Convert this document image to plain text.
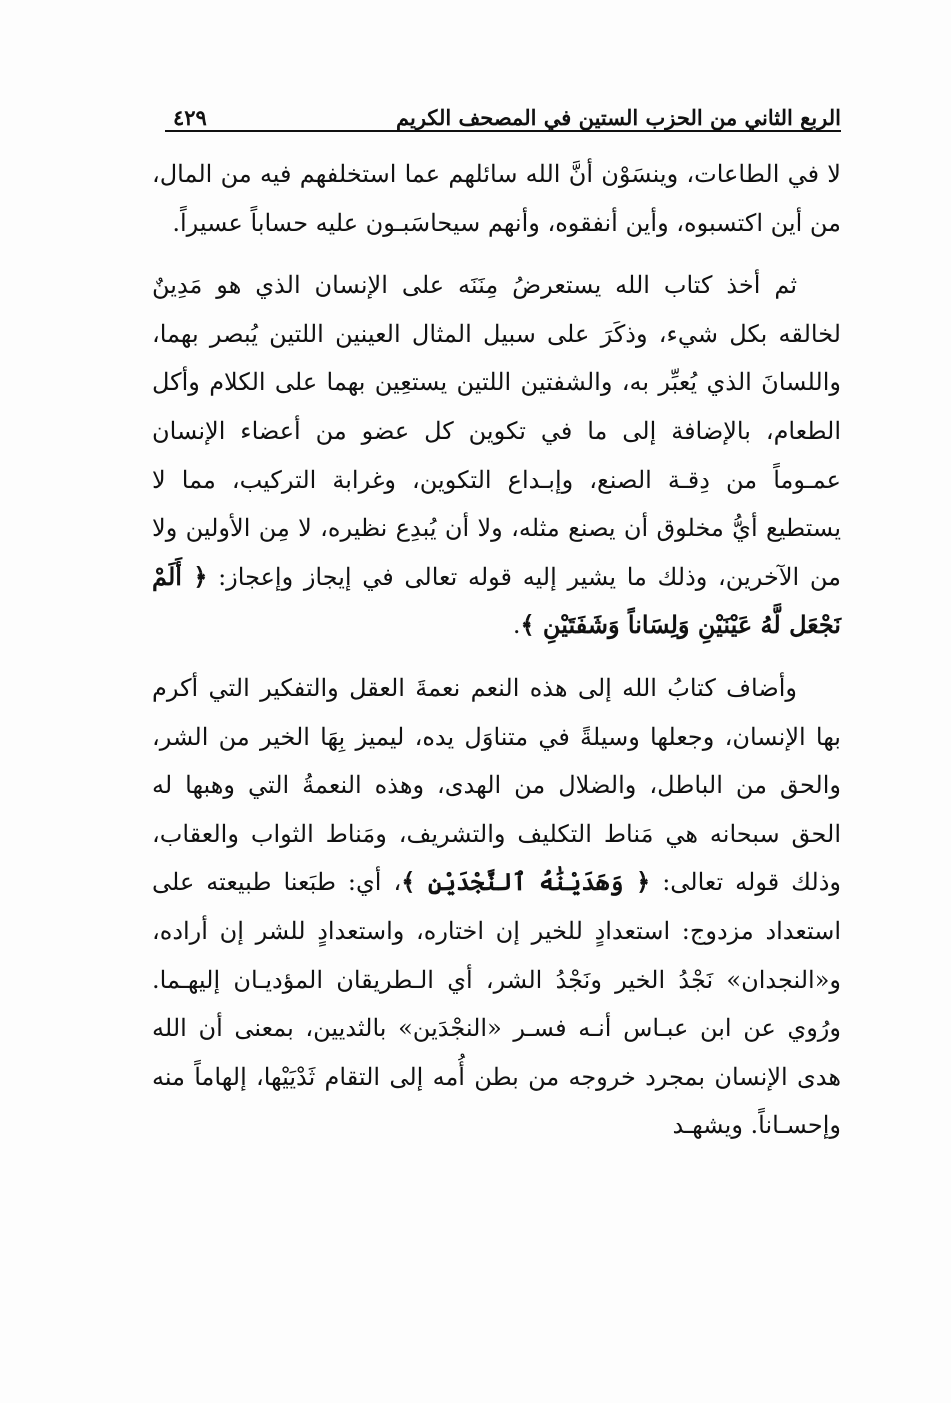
الربع الثاني من الحزب الستين في المصحف الكريم
٤٢٩

لا في الطاعات، وينسَوْن أنَّ الله سائلهم عما استخلفهم فيه من المال، من أين اكتسبوه، وأين أنفقوه، وأنهم سيحاسَبـون عليه حساباً عسيراً.

ثم أخذ كتاب الله يستعرضُ مِنَنَه على الإنسان الذي هو مَدِينٌ لخالقه بكل شيء، وذكَرَ على سبيل المثال العينين اللتين يُبصر بهما، واللسانَ الذي يُعبِّر به، والشفتين اللتين يستعِين بهما على الكلام وأكل الطعام، بالإضافة إلى ما في تكوين كل عضو من أعضاء الإنسان عمـوماً من دِقـة الصنع، وإبـداع التكوين، وغرابة التركيب، مما لا يستطيع أيُّ مخلوق أن يصنع مثله، ولا أن يُبدِع نظيره، لا مِن الأولين ولا من الآخرين، وذلك ما يشير إليه قوله تعالى في إيجاز وإعجاز: ﴿ أَلَمْ نَجْعَل لَّهُ عَيْنَيْنِ وَلِسَاناً وَشَفَتَيْنِ ﴾.

وأضاف كتابُ الله إلى هذه النعم نعمةَ العقل والتفكير التي أكرم بها الإنسان، وجعلها وسيلةً في متناوَل يده، ليميز بِهَا الخير من الشر، والحق من الباطل، والضلال من الهدى، وهذه النعمةُ التي وهبها له الحق سبحانه هي مَناط التكليف والتشريف، ومَناط الثواب والعقاب، وذلك قوله تعالى: ﴿ وَهَدَيْنَٰهُ ٱلنَّجْدَيْنِ ﴾، أي: طبَعنا طبيعته على استعداد مزدوج: استعدادٍ للخير إن اختاره، واستعدادٍ للشر إن أراده، و«النجدان» نَجْدُ الخير ونَجْدُ الشر، أي الـطريقان المؤديـان إليهـما. ورُوي عن ابن عبـاس أنـه فسـر «النجْدَين» بالثديين، بمعنى أن الله هدى الإنسان بمجرد خروجه من بطن أُمه إلى التقام ثَدْيَيْها، إلهاماً منه وإحسـاناً. ويشهـد
